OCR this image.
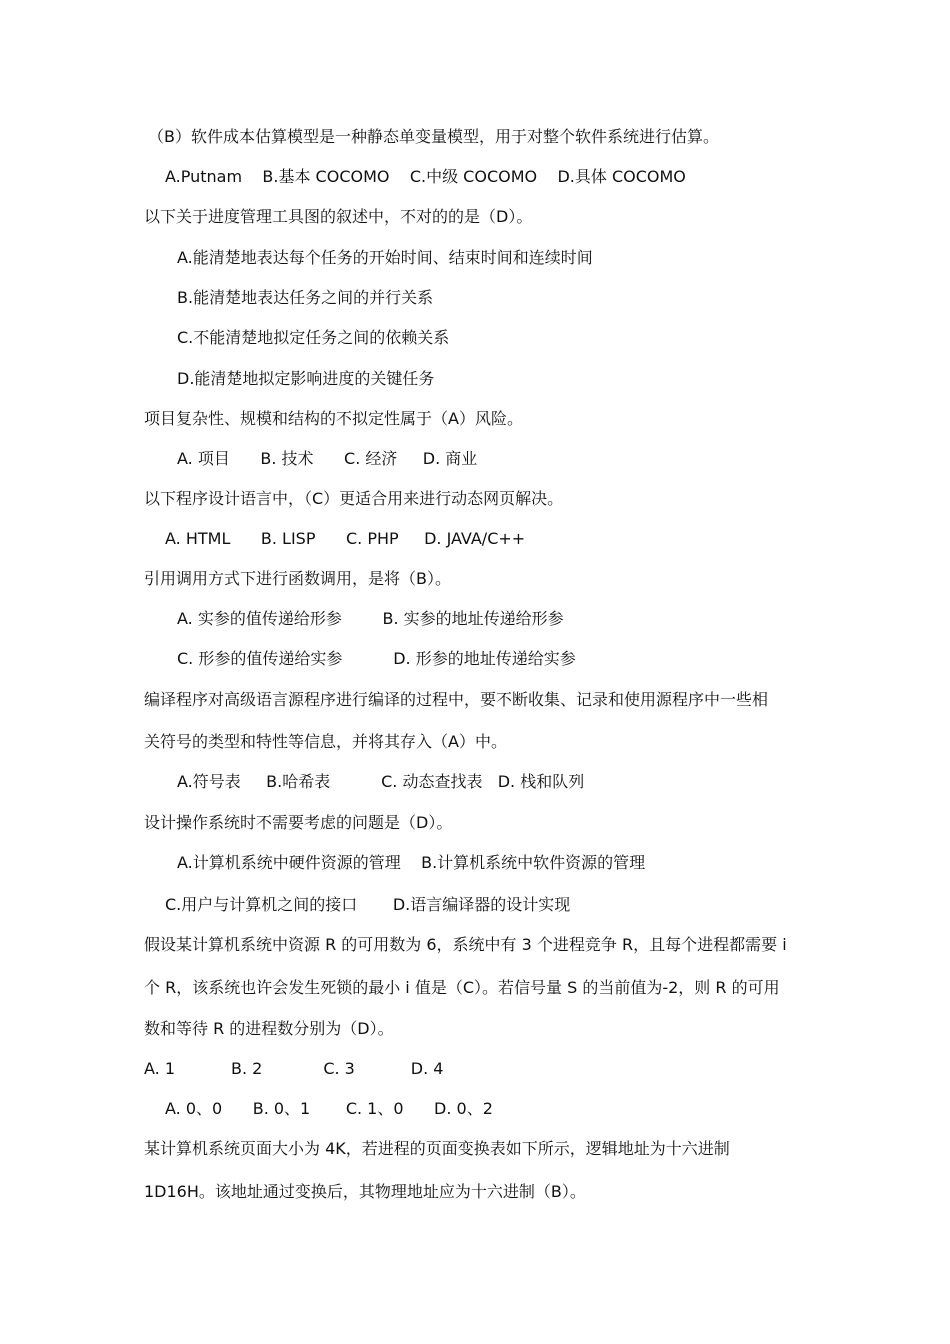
（B）软件成本估算模型是一种静态单变量模型，用于对整个软件系统进行估算。

A.Putnam    B.基本 COCOMO    C.中级 COCOMO    D.具体 COCOMO

以下关于进度管理工具图的叙述中，不对的的是（D）。

A.能清楚地表达每个任务的开始时间、结束时间和连续时间

B.能清楚地表达任务之间的并行关系

C.不能清楚地拟定任务之间的依赖关系

D.能清楚地拟定影响进度的关键任务

项目复杂性、规模和结构的不拟定性属于（A）风险。

A. 项目      B. 技术      C. 经济     D. 商业

以下程序设计语言中，（C）更适合用来进行动态网页解决。

A. HTML      B. LISP      C. PHP     D. JAVA/C++

引用调用方式下进行函数调用，是将（B）。

A. 实参的值传递给形参        B. 实参的地址传递给形参

C. 形参的值传递给实参          D. 形参的地址传递给实参

编译程序对高级语言源程序进行编译的过程中，要不断收集、记录和使用源程序中一些相

关符号的类型和特性等信息，并将其存入（A）中。

A.符号表     B.哈希表          C. 动态查找表   D. 栈和队列

设计操作系统时不需要考虑的问题是（D）。

A.计算机系统中硬件资源的管理    B.计算机系统中软件资源的管理

C.用户与计算机之间的接口       D.语言编译器的设计实现

假设某计算机系统中资源 R 的可用数为 6，系统中有 3 个进程竞争 R，且每个进程都需要 i

个 R，该系统也许会发生死锁的最小 i 值是（C）。若信号量 S 的当前值为-2，则 R 的可用

数和等待 R 的进程数分别为（D）。

A. 1           B. 2            C. 3           D. 4

A. 0、0      B. 0、1       C. 1、0      D. 0、2

某计算机系统页面大小为 4K，若进程的页面变换表如下所示，逻辑地址为十六进制

1D16H。该地址通过变换后，其物理地址应为十六进制（B）。
